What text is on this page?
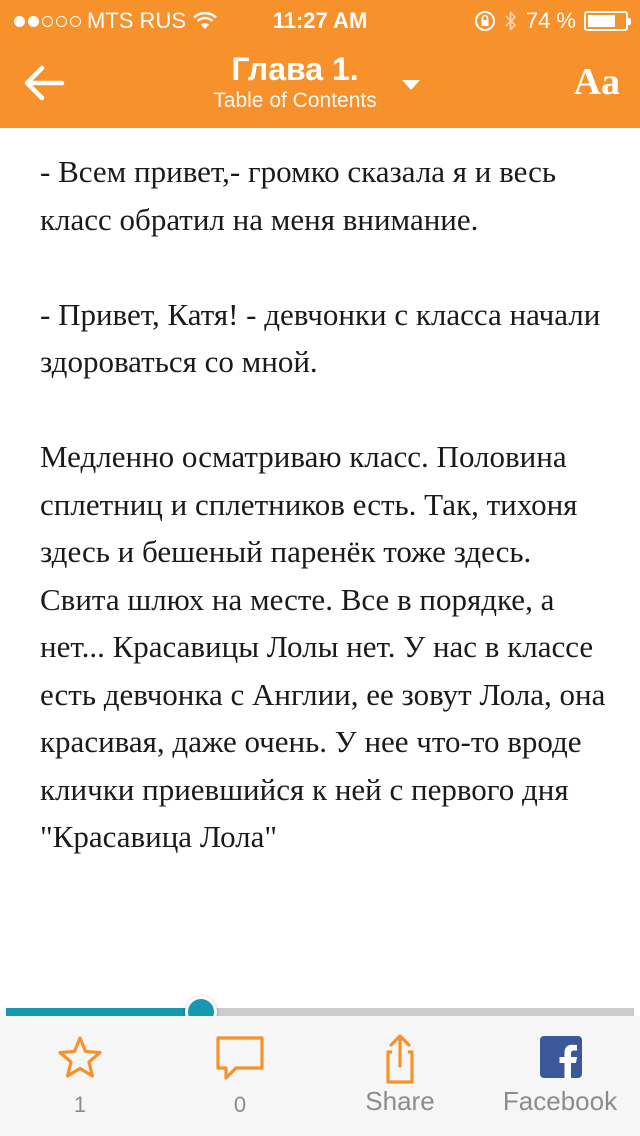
MTS RUS	11:27 AM	74 %
Глава 1.
Table of Contents	Aa

- Всем привет,- громко сказала я и весь класс обратил на меня внимание.

- Привет, Катя! - девчонки с класса начали здороваться со мной.

Медленно осматриваю класс. Половина сплетниц и сплетников есть. Так, тихоня здесь и бешеный паренёк тоже здесь. Свита шлюх на месте. Все в порядке, а нет... Красавицы Лолы нет. У нас в классе есть девчонка с Англии, ее зовут Лола, она красивая, даже очень. У нее что-то вроде клички приевшийся к ней с первого дня "Красавица Лола"

1	0	Share	Facebook
